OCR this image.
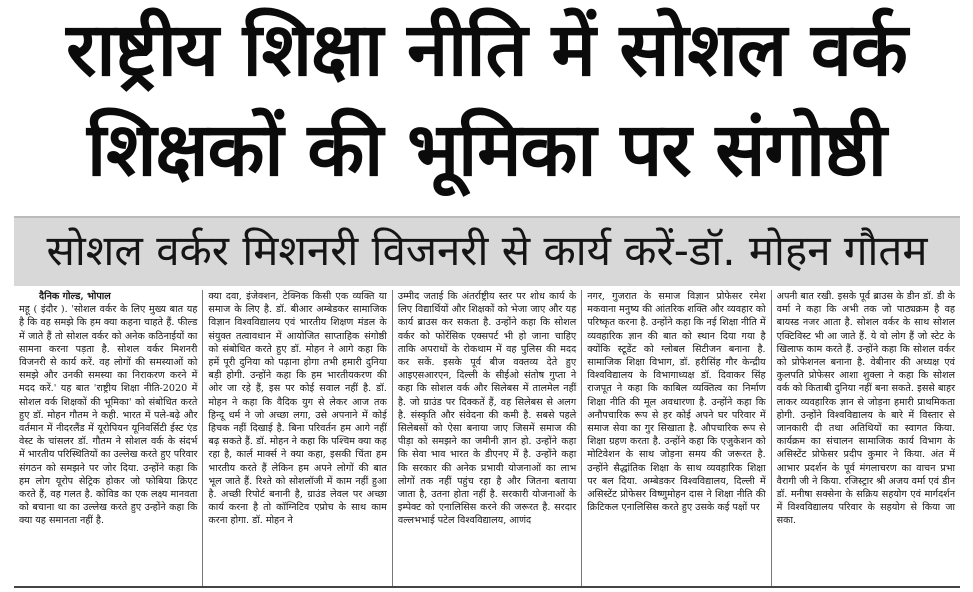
राष्ट्रीय शिक्षा नीति में सोशल वर्क
शिक्षकों की भूमिका पर संगोष्ठी
सोशल वर्कर मिशनरी विजनरी से कार्य करें-डॉ. मोहन गौतम
दैनिक गोल्ड, भोपाल
महू ( इंदौर ). 'सोशल वर्कर के लिए मुख्य बात यह है कि वह समझे कि हम क्या कहना चाहते हैं. फील्ड में जाते हैं तो सोशल वर्कर को अनेक कठिनाईयों का सामना करना पड़ता है. सोशल वर्कर मिशनरी विजनरी से कार्य करें. वह लोगों की समस्याओं को समझे और उनकी समस्या का निराकरण करने में मदद करें.' यह बात 'राष्ट्रीय शिक्षा नीति-2020 में सोशल वर्क शिक्षकों की भूमिका' को संबोधित करते हुए डॉ. मोहन गौतम ने कही. भारत में पले-बढ़े और वर्तमान में नीदरलैंड में यूरोपियन यूनिवर्सिटी ईस्ट एंड वेस्ट के चांसलर डॉ. गौतम ने सोशल वर्क के संदर्भ में भारतीय परिस्थितियों का उल्लेख करते हुए परिवार संगठन को समझने पर जोर दिया. उन्होंने कहा कि हम लोग यूरोप सेट्रिक होकर जो फोबिया क्रिएट करते हैं, वह गलत है. कोविड का एक लक्ष्य मानवता को बचाना था का उल्लेख करते हुए उन्होंने कहा कि क्या यह समानता नहीं है.
क्या दवा, इंजेक्शन, टेक्निक किसी एक व्यक्ति या समाज के लिए है. डॉ. बीआर अम्बेडकर सामाजिक विज्ञान विश्वविद्यालय एवं भारतीय शिक्षण मंडल के संयुक्त तत्वावधान में आयोजित साप्ताहिक संगोष्ठी को संबोधित करते हुए डॉ. मोहन ने आगे कहा कि हमें पूरी दुनिया को पढ़ाना होगा तभी हमारी दुनिया बड़ी होगी. उन्होंने कहा कि हम भारतीयकरण की ओर जा रहे हैं, इस पर कोई सवाल नहीं है. डॉ. मोहन ने कहा कि वैदिक युग से लेकर आज तक हिन्दू धर्म ने जो अच्छा लगा, उसे अपनाने में कोई हिचक नहीं दिखाई है. बिना परिवर्तन हम आगे नहीं बढ़ सकते हैं. डॉ. मोहन ने कहा कि पश्चिम क्या कह रहा है, कार्ल मार्क्स ने क्या कहा, इसकी चिंता हम भारतीय करते हैं लेकिन हम अपने लोगों की बात भूल जाते हैं. रिश्ते को सोशलॉजी में काम नहीं हुआ है. अच्छी रिपोर्ट बनानी है, ग्राउंड लेवल पर अच्छा कार्य करना है तो कॉग्निटिव एप्रोच के साथ काम करना होगा. डॉ. मोहन ने
उम्मीद जताई कि अंतर्राष्ट्रीय स्तर पर शोध कार्य के लिए विद्यार्थियों और शिक्षकों को भेजा जाए और यह कार्य ब्राउस कर सकता है. उन्होंने कहा कि सोशल वर्कर को फोरेंसिक एक्सपर्ट भी हो जाना चाहिए ताकि अपराधों के रोकथाम में वह पुलिस की मदद कर सकें. इसके पूर्व बीज वक्तव्य देते हुए आइएसआरएन, दिल्ली के सीईओ संतोष गुप्ता ने कहा कि सोशल वर्क और सिलेबस में तालमेल नहीं है. जो ग्राउंड पर दिक्कतें हैं, वह सिलेबस से अलग है. संस्कृति और संवेदना की कमी है. सबसे पहले सिलेबसों को ऐसा बनाया जाए जिसमें समाज की पीड़ा को समझने का जमीनी ज्ञान हो. उन्होंने कहा कि सेवा भाव भारत के डीएनए में है. उन्होंने कहा कि सरकार की अनेक प्रभावी योजनाओं का लाभ लोगों तक नहीं पहुंच रहा है और जितना बताया जाता है, उतना होता नहीं है. सरकारी योजनाओं के इम्पेक्ट को एनालिसिस करने की जरूरत है. सरदार वल्लभभाई पटेल विश्वविद्यालय, आणंद
नगर, गुजरात के समाज विज्ञान प्रोफेसर रमेश मकवाना मनुष्य की आंतरिक शक्ति और व्यवहार को परिष्कृत करना है. उन्होंने कहा कि नई शिक्षा नीति में व्यवहारिक ज्ञान की बात को स्थान दिया गया है क्योंकि स्टूडेंट को ग्लोबल सिटीजन बनाना है. सामाजिक शिक्षा विभाग, डॉ. हरीसिंह गौर केन्द्रीय विश्वविद्यालय के विभागाध्यक्ष डॉ. दिवाकर सिंह राजपूत ने कहा कि काबिल व्यक्तित्व का निर्माण शिक्षा नीति की मूल अवधारणा है. उन्होंने कहा कि अनौपचारिक रूप से हर कोई अपने घर परिवार में समाज सेवा का गुर सिखाता है. औपचारिक रूप से शिक्षा ग्रहण करता है. उन्होंने कहा कि एजुकेशन को मोटिवेशन के साथ जोड़ना समय की जरूरत है. उन्होंने सैद्धांतिक शिक्षा के साथ व्यवहारिक शिक्षा पर बल दिया. अम्बेडकर विश्वविद्यालय, दिल्ली में असिस्टेंट प्रोफेसर विष्णुमोहन दास ने शिक्षा नीति की क्रिटिकल एनालिसिस करते हुए उसके कई पक्षों पर
अपनी बात रखी. इसके पूर्व ब्राउस के डीन डॉ. डी के वर्मा ने कहा कि अभी तक जो पाठ्यक्रम है वह बायस्ड नजर आता है. सोशल वर्कर के साथ सोशल एक्टिविस्ट भी आ जाते हैं. ये वो लोग हैं जो स्टेट के खिलाफ काम करते हैं. उन्होंने कहा कि सोशल वर्कर को प्रोफेशनल बनाना है. वेबीनार की अध्यक्ष एवं कुलपति प्रोफेसर आशा शुक्ला ने कहा कि सोशल वर्क को किताबी दुनिया नहीं बना सकते. इससे बाहर लाकर व्यवहारिक ज्ञान से जोड़ना हमारी प्राथमिकता होगी. उन्होंने विश्वविद्यालय के बारे में विस्तार से जानकारी दी तथा अतिथियों का स्वागत किया. कार्यक्रम का संचालन सामाजिक कार्य विभाग के असिस्टेंट प्रोफेसर प्रदीप कुमार ने किया. अंत में आभार प्रदर्शन के पूर्व मंगलाचरण का वाचन प्रभा वैरागी जी ने किया. रजिस्ट्रार श्री अजय वर्मा एवं डीन डॉ. मनीषा सक्सेना के सक्रिय सहयोग एवं मार्गदर्शन में विश्वविद्यालय परिवार के सहयोग से किया जा सका.
